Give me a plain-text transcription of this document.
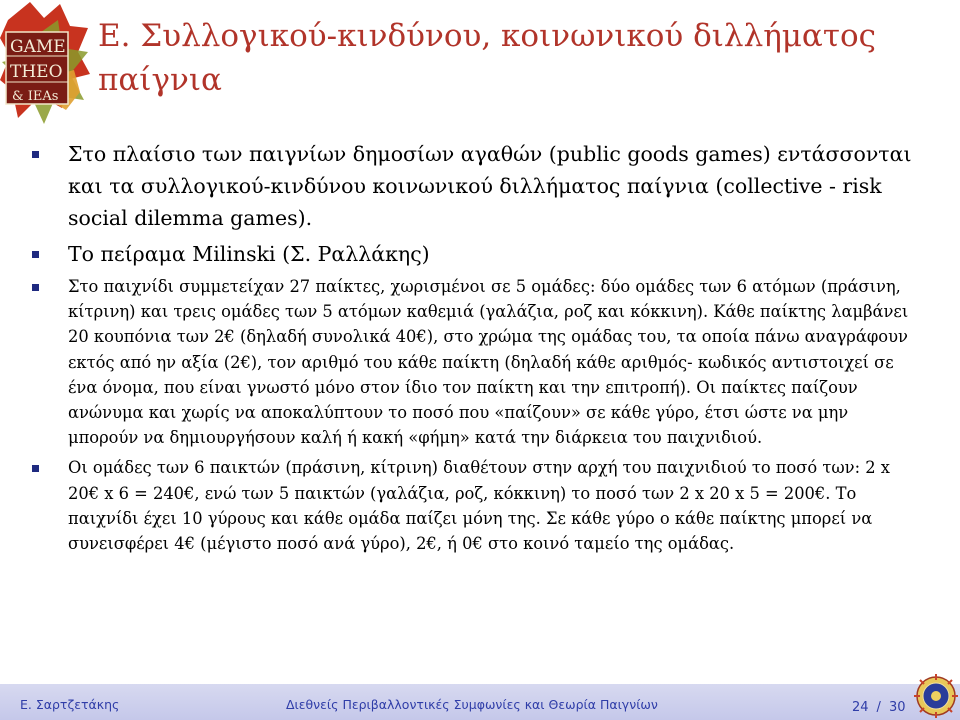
GAME
THEO
& IEAs
Ε. Συλλογικού-κινδύνου, κοινωνικού διλλήματος
παίγνια
Στο πλαίσιο των παιγνίων δημοσίων αγαθών (public goods games) εντάσσονται και τα συλλογικού-κινδύνου κοινωνικού διλλήματος παίγνια (collective - risk social dilemma games).
Το πείραμα Milinski (Σ. Ραλλάκης)
Στο παιχνίδι συμμετείχαν 27 παίκτες, χωρισμένοι σε 5 ομάδες: δύο ομάδες των 6 ατόμων (πράσινη, κίτρινη) και τρεις ομάδες των 5 ατόμων καθεμιά (γαλάζια, ροζ και κόκκινη). Κάθε παίκτης λαμβάνει 20 κουπόνια των 2€ (δηλαδή συνολικά 40€), στο χρώμα της ομάδας του, τα οποία πάνω αναγράφουν εκτός από ην αξία (2€), τον αριθμό του κάθε παίκτη (δηλαδή κάθε αριθμός- κωδικός αντιστοιχεί σε ένα όνομα, που είναι γνωστό μόνο στον ίδιο τον παίκτη και την επιτροπή). Οι παίκτες παίζουν ανώνυμα και χωρίς να αποκαλύπτουν το ποσό που «παίζουν» σε κάθε γύρο, έτσι ώστε να μην μπορούν να δημιουργήσουν καλή ή κακή «φήμη» κατά την διάρκεια του παιχνιδιού.
Οι ομάδες των 6 παικτών (πράσινη, κίτρινη) διαθέτουν στην αρχή του παιχνιδιού το ποσό των: 2 x 20€ x 6 = 240€, ενώ των 5 παικτών (γαλάζια, ροζ, κόκκινη) το ποσό των 2 x 20 x 5 = 200€. Το παιχνίδι έχει 10 γύρους και κάθε ομάδα παίζει μόνη της. Σε κάθε γύρο ο κάθε παίκτης μπορεί να συνεισφέρει 4€ (μέγιστο ποσό ανά γύρο), 2€, ή 0€ στο κοινό ταμείο της ομάδας.
Ε. Σαρτζετάκης	Διεθνείς Περιβαλλοντικές Συμφωνίες και Θεωρία Παιγνίων	24 / 30
